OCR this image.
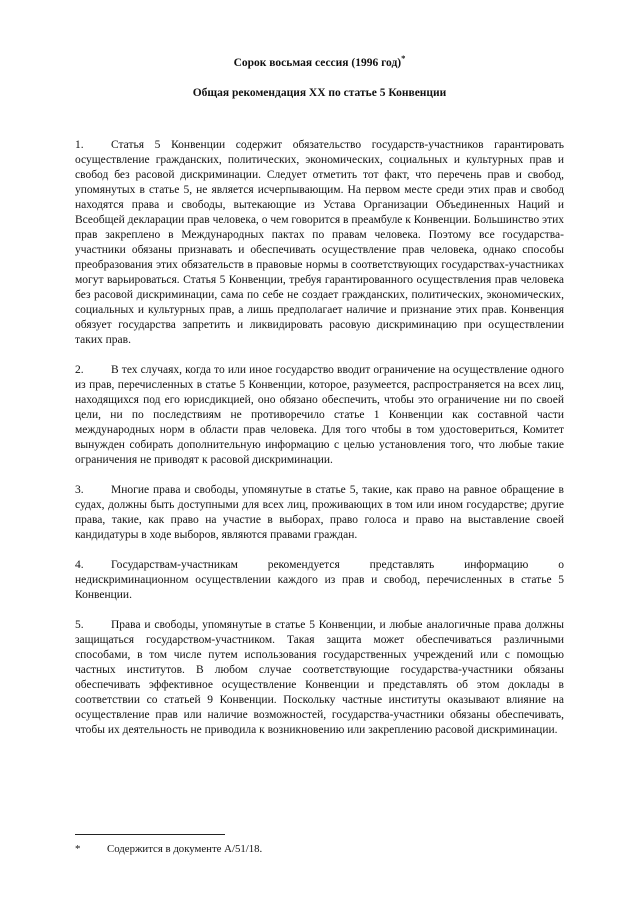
Сорок восьмая сессия (1996 год)*
Общая рекомендация XX по статье 5 Конвенции

1. Статья 5 Конвенции содержит обязательство государств-участников гарантировать осуществление гражданских, политических, экономических, социальных и культурных прав и свобод без расовой дискриминации. Следует отметить тот факт, что перечень прав и свобод, упомянутых в статье 5, не является исчерпывающим. На первом месте среди этих прав и свобод находятся права и свободы, вытекающие из Устава Организации Объединенных Наций и Всеобщей декларации прав человека, о чем говорится в преамбуле к Конвенции. Большинство этих прав закреплено в Международных пактах по правам человека. Поэтому все государства-участники обязаны признавать и обеспечивать осуществление прав человека, однако способы преобразования этих обязательств в правовые нормы в соответствующих государствах-участниках могут варьироваться. Статья 5 Конвенции, требуя гарантированного осуществления прав человека без расовой дискриминации, сама по себе не создает гражданских, политических, экономических, социальных и культурных прав, а лишь предполагает наличие и признание этих прав. Конвенция обязует государства запретить и ликвидировать расовую дискриминацию при осуществлении таких прав.

2. В тех случаях, когда то или иное государство вводит ограничение на осуществление одного из прав, перечисленных в статье 5 Конвенции, которое, разумеется, распространяется на всех лиц, находящихся под его юрисдикцией, оно обязано обеспечить, чтобы это ограничение ни по своей цели, ни по последствиям не противоречило статье 1 Конвенции как составной части международных норм в области прав человека. Для того чтобы в том удостовериться, Комитет вынужден собирать дополнительную информацию с целью установления того, что любые такие ограничения не приводят к расовой дискриминации.

3. Многие права и свободы, упомянутые в статье 5, такие, как право на равное обращение в судах, должны быть доступными для всех лиц, проживающих в том или ином государстве; другие права, такие, как право на участие в выборах, право голоса и право на выставление своей кандидатуры в ходе выборов, являются правами граждан.

4. Государствам-участникам рекомендуется представлять информацию о недискриминационном осуществлении каждого из прав и свобод, перечисленных в статье 5 Конвенции.

5. Права и свободы, упомянутые в статье 5 Конвенции, и любые аналогичные права должны защищаться государством-участником. Такая защита может обеспечиваться различными способами, в том числе путем использования государственных учреждений или с помощью частных институтов. В любом случае соответствующие государства-участники обязаны обеспечивать эффективное осуществление Конвенции и представлять об этом доклады в соответствии со статьей 9 Конвенции. Поскольку частные институты оказывают влияние на осуществление прав или наличие возможностей, государства-участники обязаны обеспечивать, чтобы их деятельность не приводила к возникновению или закреплению расовой дискриминации.

* Содержится в документе A/51/18.
